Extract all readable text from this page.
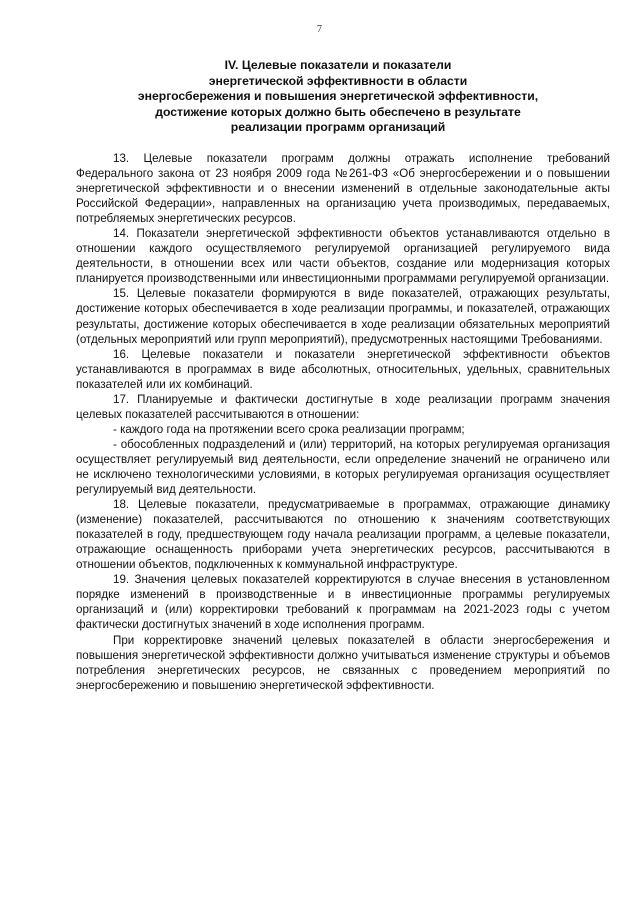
7
IV. Целевые показатели и показатели
энергетической эффективности в области
энергосбережения и повышения энергетической эффективности,
достижение которых должно быть обеспечено в результате
реализации программ организаций

13. Целевые показатели программ должны отражать исполнение требований Федерального закона от 23 ноября 2009 года №261-ФЗ «Об энергосбережении и о повышении энергетической эффективности и о внесении изменений в отдельные законодательные акты Российской Федерации», направленных на организацию учета производимых, передаваемых, потребляемых энергетических ресурсов.

14. Показатели энергетической эффективности объектов устанавливаются отдельно в отношении каждого осуществляемого регулируемой организацией регулируемого вида деятельности, в отношении всех или части объектов, создание или модернизация которых планируется производственными или инвестиционными программами регулируемой организации.

15. Целевые показатели формируются в виде показателей, отражающих результаты, достижение которых обеспечивается в ходе реализации программы, и показателей, отражающих результаты, достижение которых обеспечивается в ходе реализации обязательных мероприятий (отдельных мероприятий или групп мероприятий), предусмотренных настоящими Требованиями.

16. Целевые показатели и показатели энергетической эффективности объектов устанавливаются в программах в виде абсолютных, относительных, удельных, сравнительных показателей или их комбинаций.

17. Планируемые и фактически достигнутые в ходе реализации программ значения целевых показателей рассчитываются в отношении:

- каждого года на протяжении всего срока реализации программ;

- обособленных подразделений и (или) территорий, на которых регулируемая организация осуществляет регулируемый вид деятельности, если определение значений не ограничено или не исключено технологическими условиями, в которых регулируемая организация осуществляет регулируемый вид деятельности.

18. Целевые показатели, предусматриваемые в программах, отражающие динамику (изменение) показателей, рассчитываются по отношению к значениям соответствующих показателей в году, предшествующем году начала реализации программ, а целевые показатели, отражающие оснащенность приборами учета энергетических ресурсов, рассчитываются в отношении объектов, подключенных к коммунальной инфраструктуре.

19. Значения целевых показателей корректируются в случае внесения в установленном порядке изменений в производственные и в инвестиционные программы регулируемых организаций и (или) корректировки требований к программам на 2021-2023 годы с учетом фактически достигнутых значений в ходе исполнения программ.

При корректировке значений целевых показателей в области энергосбережения и повышения энергетической эффективности должно учитываться изменение структуры и объемов потребления энергетических ресурсов, не связанных с проведением мероприятий по энергосбережению и повышению энергетической эффективности.
